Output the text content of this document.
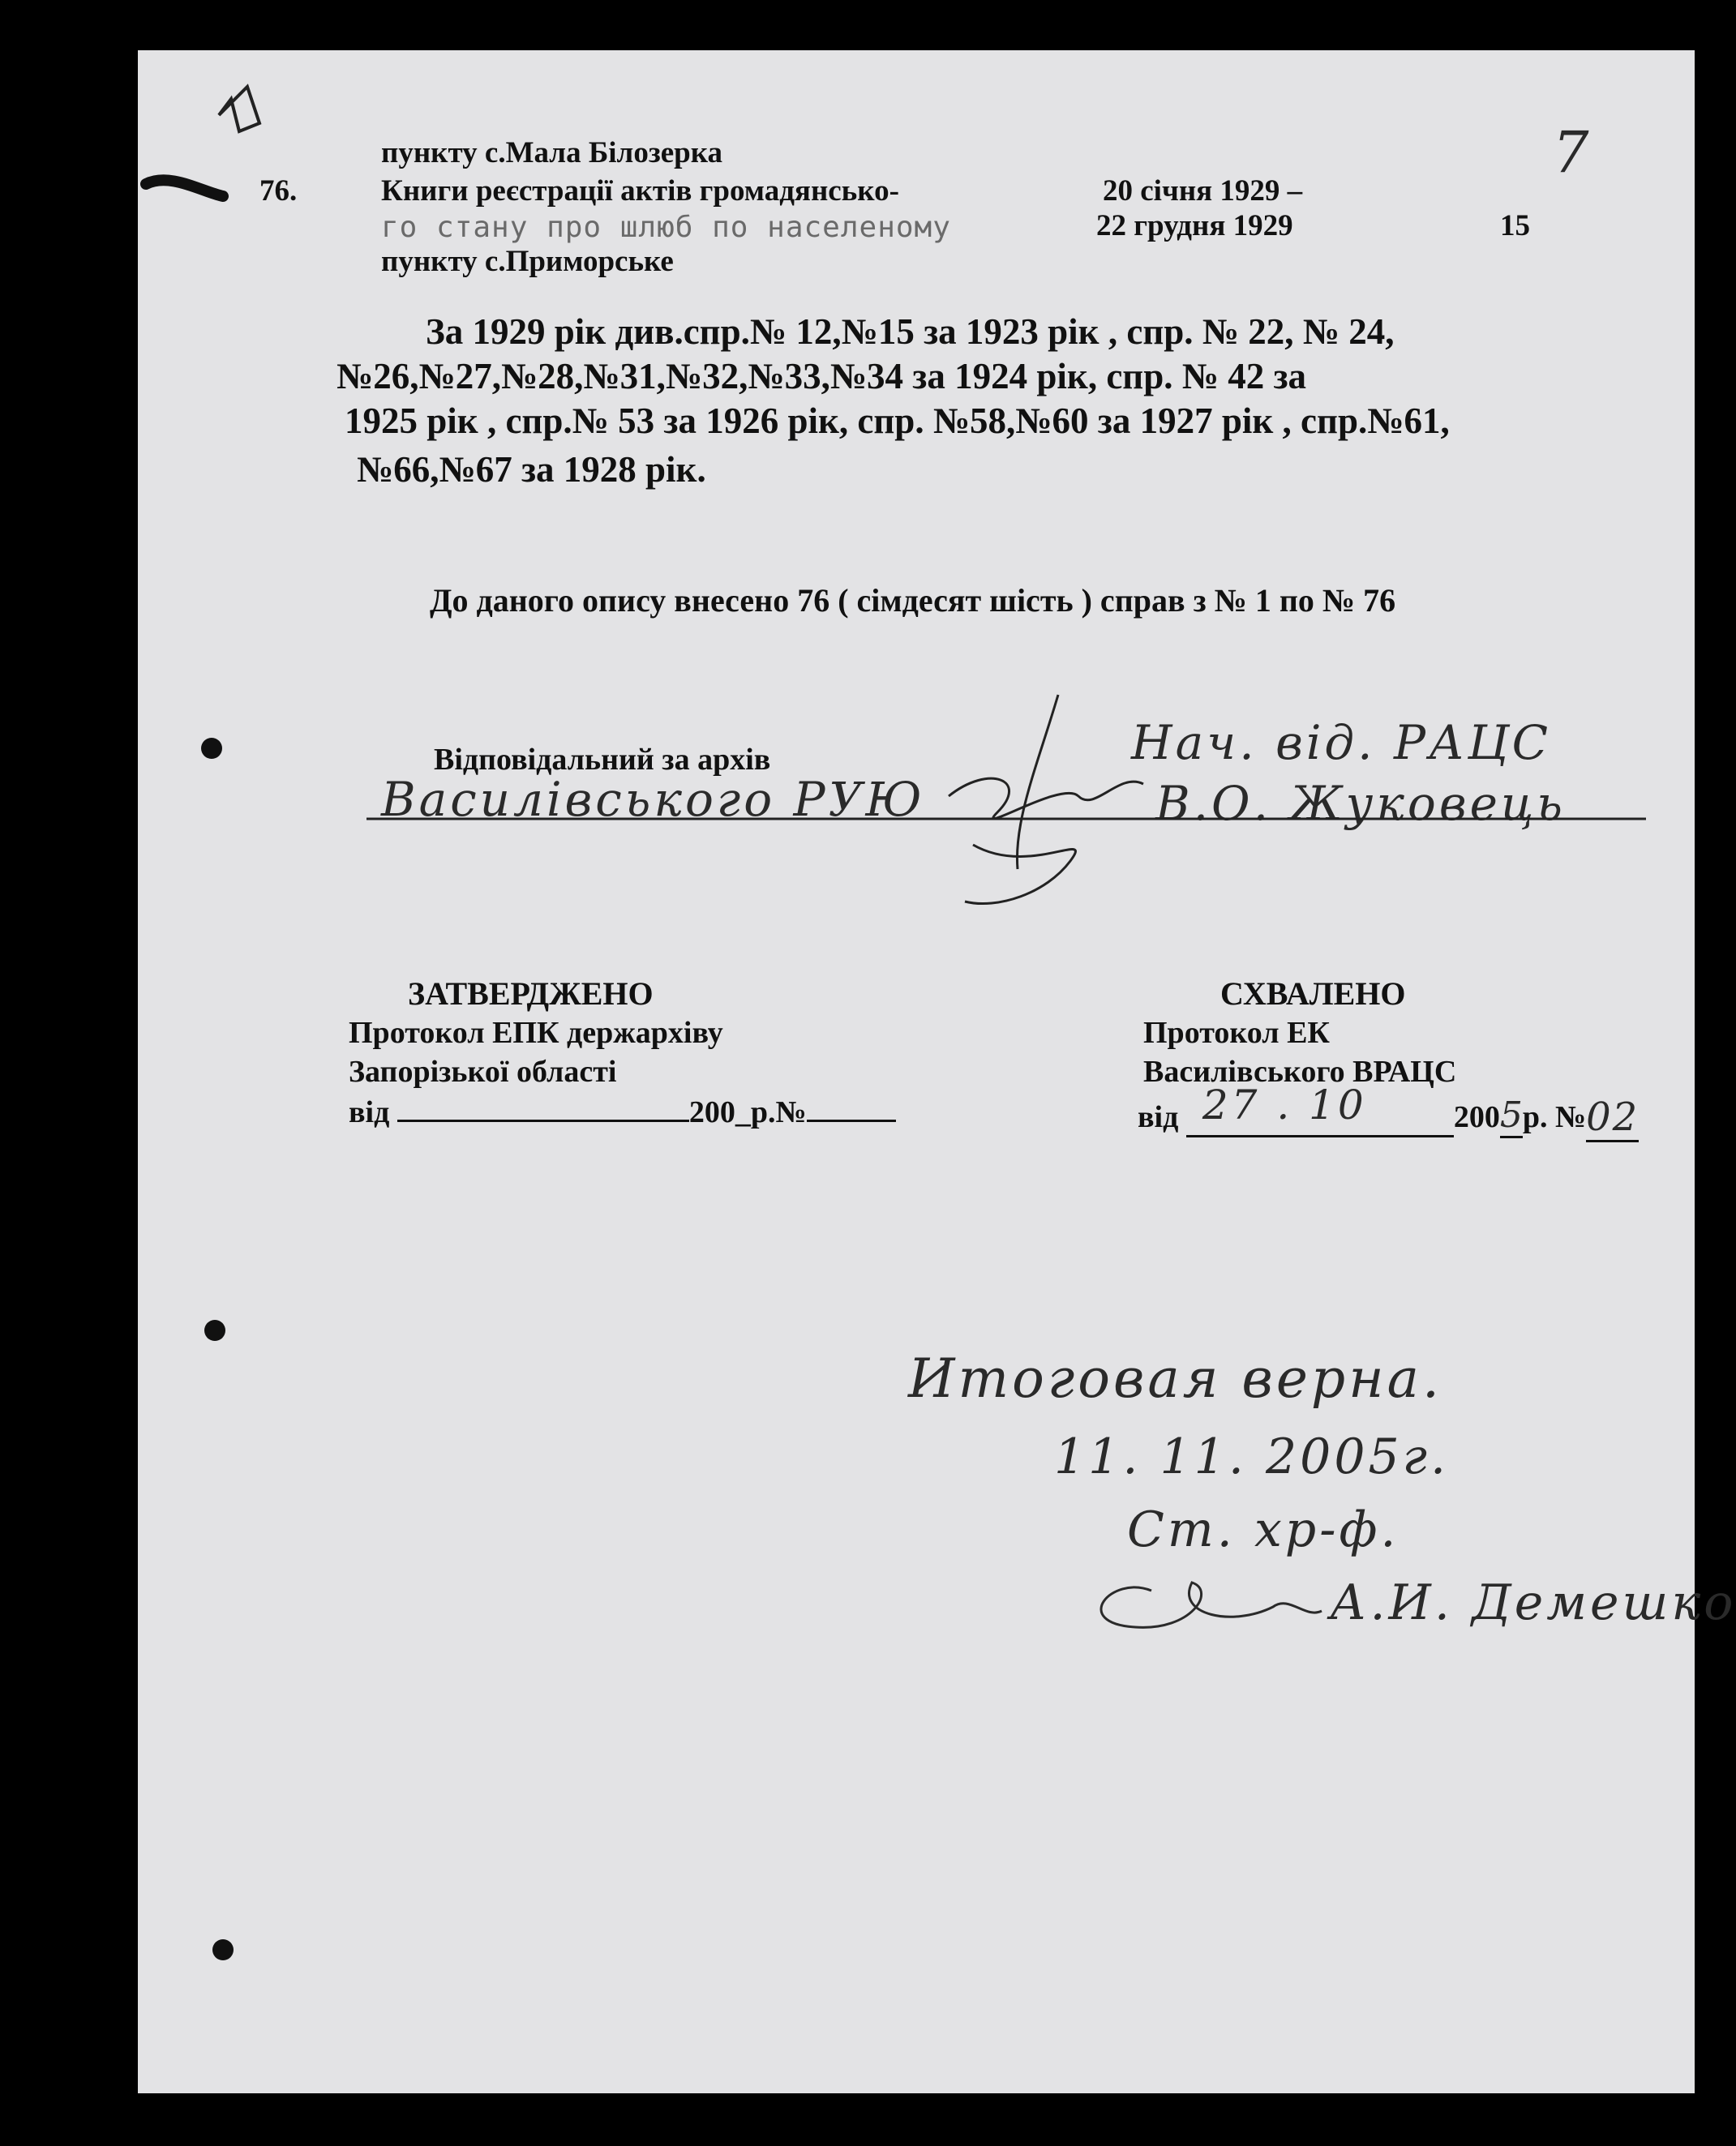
7
пункту с.Мала Білозерка
76.	Книги реєстрації актів громадянсько-
го стану про шлюб по населеному
пункту с.Приморське
20 січня 1929 –
22 грудня 1929	15
За 1929 рік див.спр.№ 12,№15 за 1923 рік , спр. № 22, № 24,
№26,№27,№28,№31,№32,№33,№34 за 1924 рік, спр. № 42 за
1925 рік , спр.№ 53 за 1926 рік, спр. №58,№60 за 1927 рік , спр.№61,
№66,№67 за 1928 рік.
До даного опису внесено 76 ( сімдесят шість ) справ з № 1 по № 76
Відповідальний за архів	Нач. від. РАЦС
Василівського РУЮ	В.О. Жуковець
ЗАТВЕРДЖЕНО
Протокол ЕПК держархіву
Запорізької області
від	200_р.№
СХВАЛЕНО
Протокол ЕК
Василівського ВРАЦС
від 27 . 10	2005р. № 02
Итоговая верна.
11. 11. 2005г.
Ст. хр-ф.
А.И. Демешко
